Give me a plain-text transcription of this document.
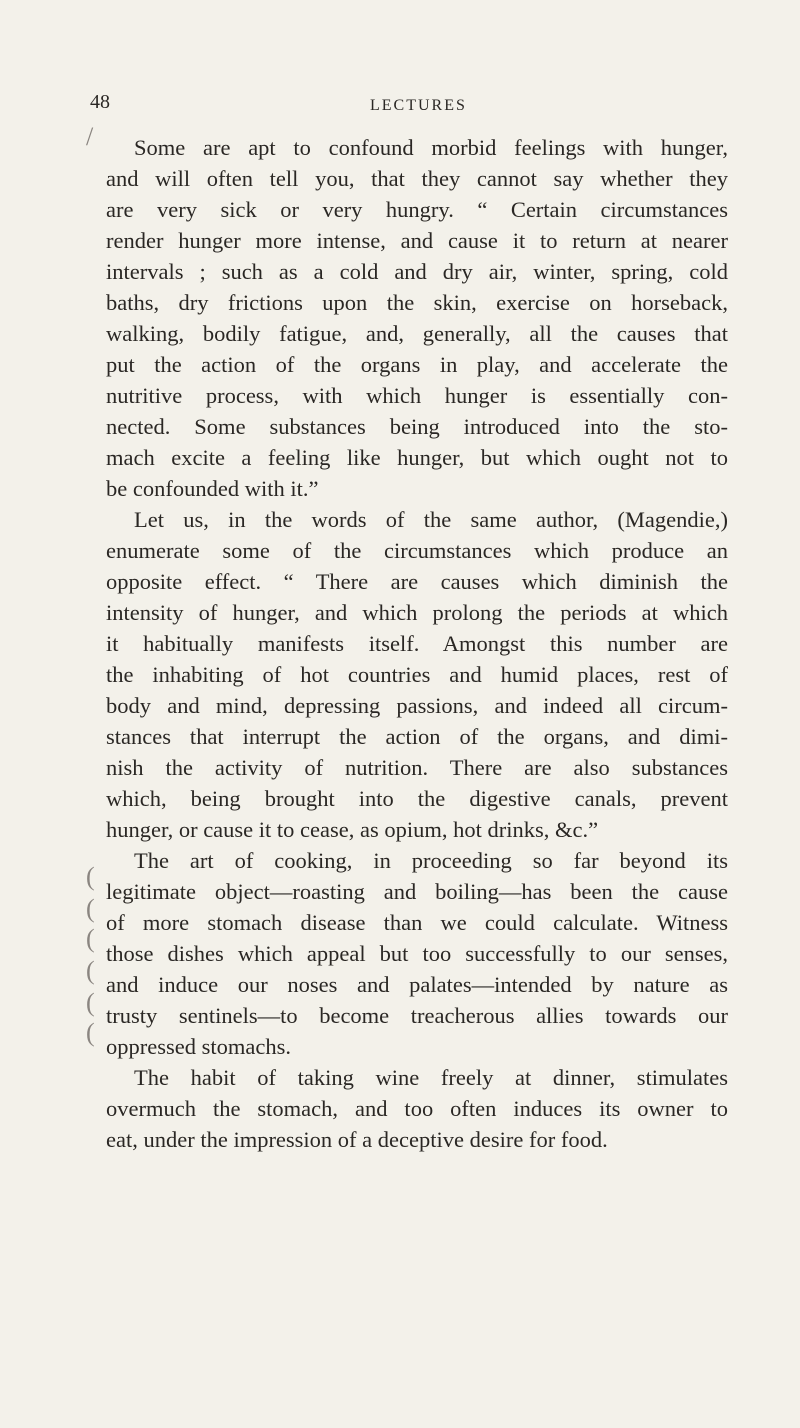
48	LECTURES
/
(
(
(
(
(
(
Some are apt to confound morbid feelings with hunger,
and will often tell you, that they cannot say whether they
are very sick or very hungry. “ Certain circumstances
render hunger more intense, and cause it to return at nearer
intervals ; such as a cold and dry air, winter, spring, cold
baths, dry frictions upon the skin, exercise on horseback,
walking, bodily fatigue, and, generally, all the causes that
put the action of the organs in play, and accelerate the
nutritive process, with which hunger is essentially con-
nected. Some substances being introduced into the sto-
mach excite a feeling like hunger, but which ought not to
be confounded with it.”
Let us, in the words of the same author, (Magendie,)
enumerate some of the circumstances which produce an
opposite effect. “ There are causes which diminish the
intensity of hunger, and which prolong the periods at which
it habitually manifests itself. Amongst this number are
the inhabiting of hot countries and humid places, rest of
body and mind, depressing passions, and indeed all circum-
stances that interrupt the action of the organs, and dimi-
nish the activity of nutrition. There are also substances
which, being brought into the digestive canals, prevent
hunger, or cause it to cease, as opium, hot drinks, &c.”
The art of cooking, in proceeding so far beyond its
legitimate object—roasting and boiling—has been the cause
of more stomach disease than we could calculate. Witness
those dishes which appeal but too successfully to our senses,
and induce our noses and palates—intended by nature as
trusty sentinels—to become treacherous allies towards our
oppressed stomachs.
The habit of taking wine freely at dinner, stimulates
overmuch the stomach, and too often induces its owner to
eat, under the impression of a deceptive desire for food.
